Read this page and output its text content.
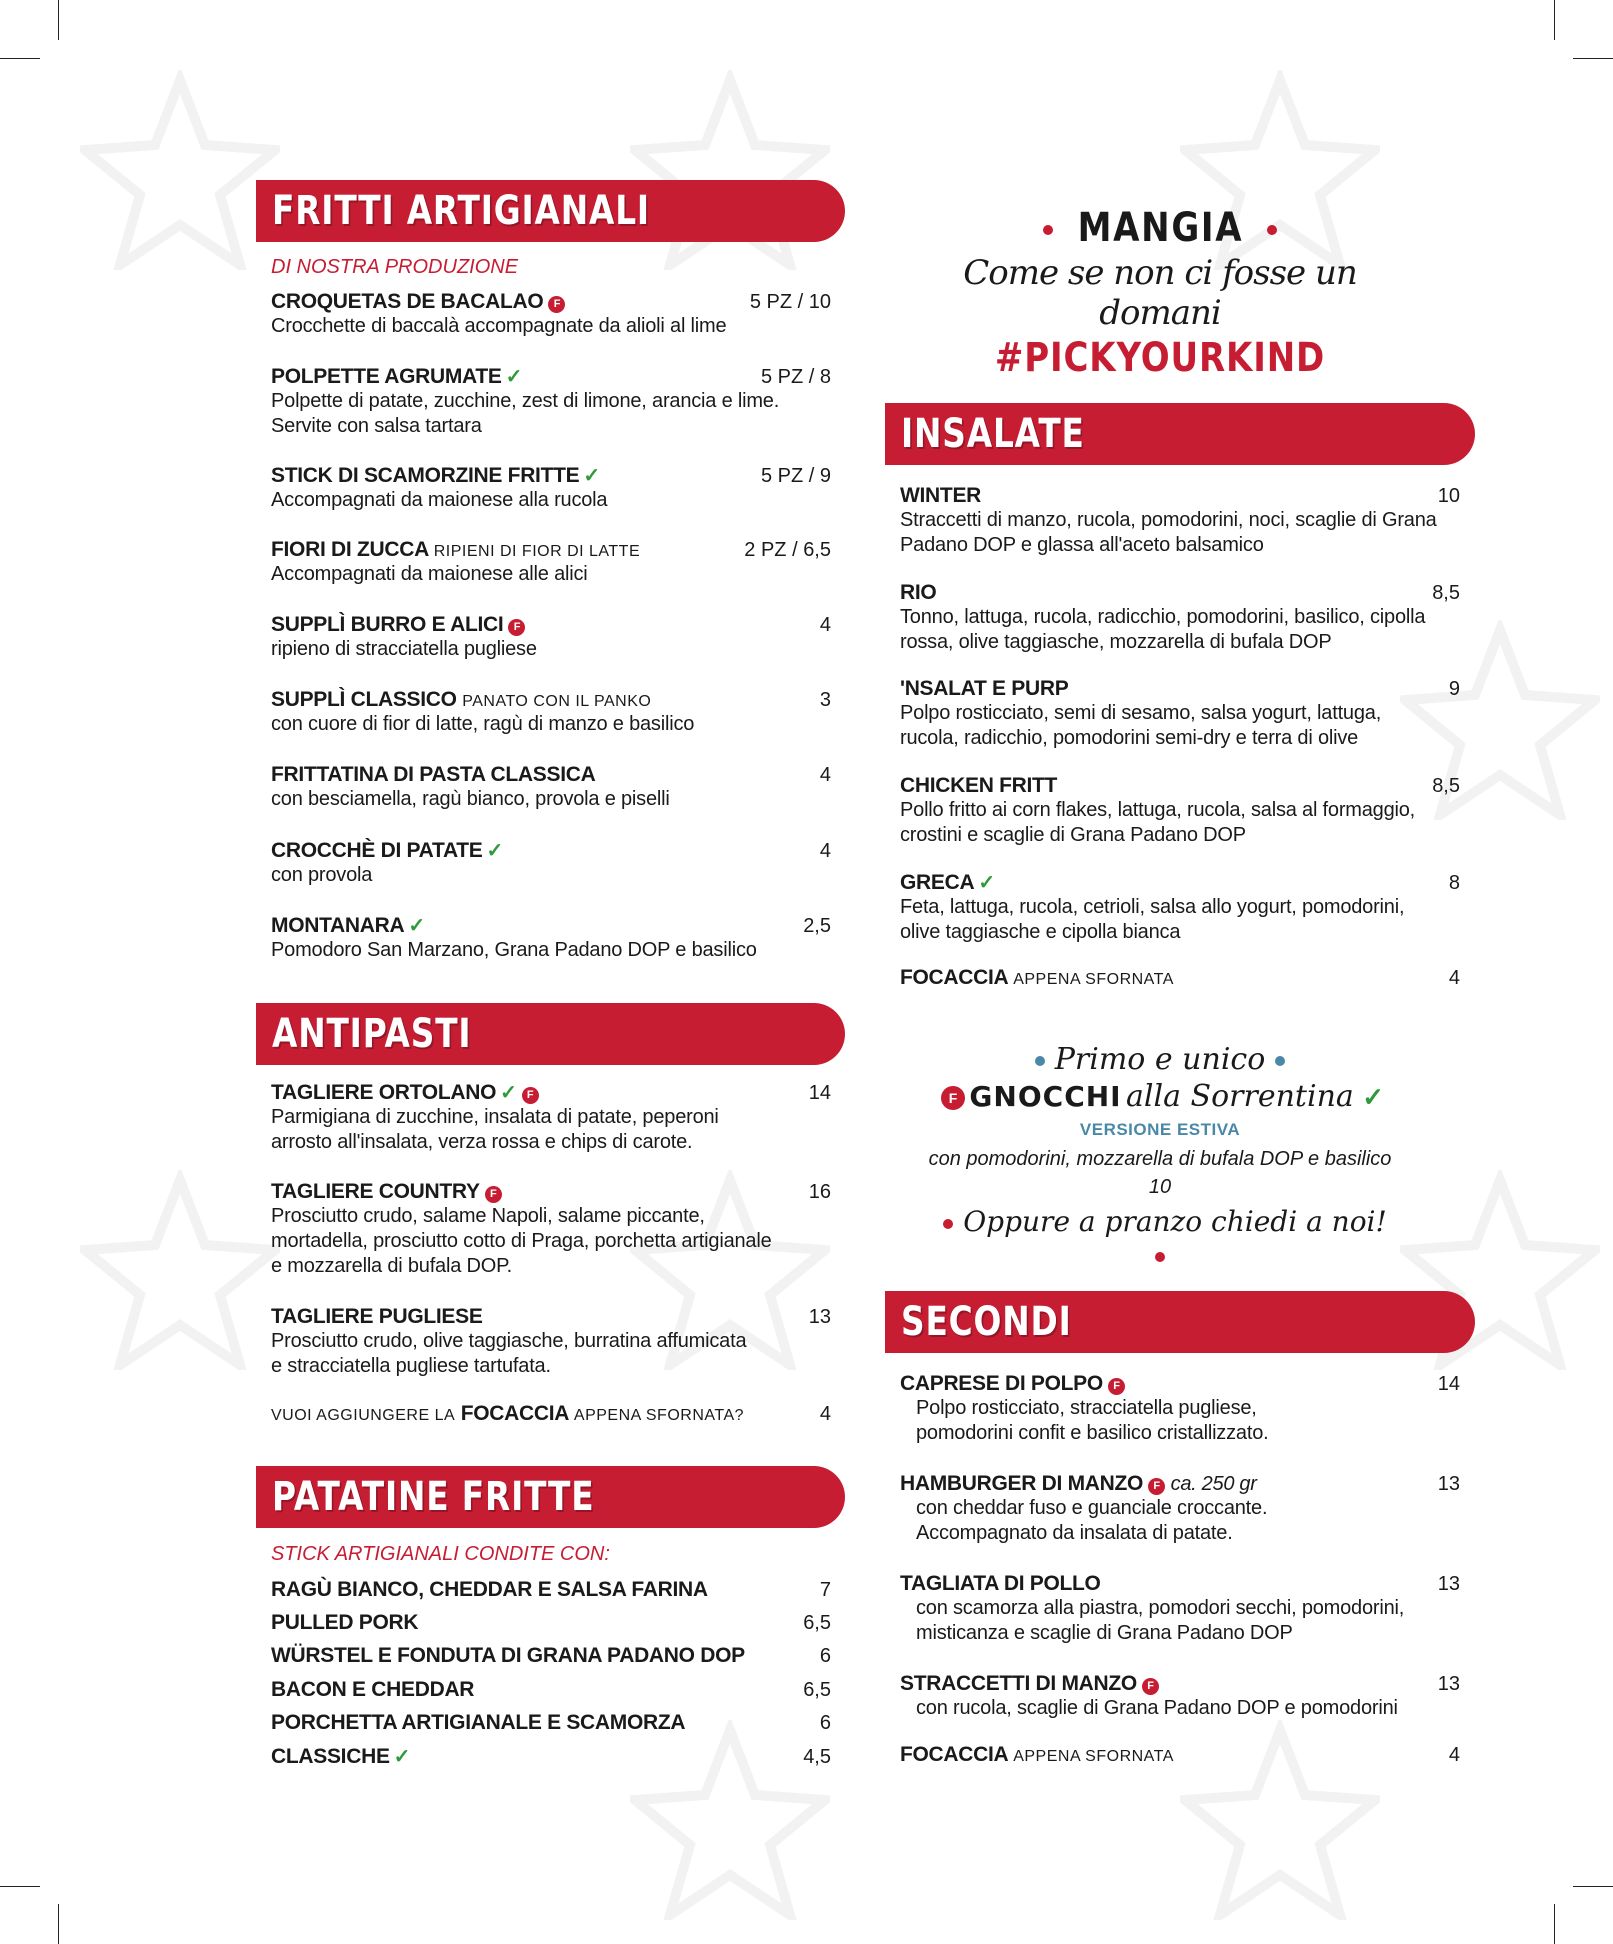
FRITTI ARTIGIANALI
DI NOSTRA PRODUZIONE
CROQUETAS DE BACALAO F	5 PZ / 10
Crocchette di baccalà accompagnate da alioli al lime
POLPETTE AGRUMATE ✓	5 PZ / 8
Polpette di patate, zucchine, zest di limone, arancia e lime.
Servite con salsa tartara
STICK DI SCAMORZINE FRITTE ✓	5 PZ / 9
Accompagnati da maionese alla rucola
FIORI DI ZUCCA RIPIENI DI FIOR DI LATTE	2 PZ / 6,5
Accompagnati da maionese alle alici
SUPPLÌ BURRO E ALICI F	4
ripieno di stracciatella pugliese
SUPPLÌ CLASSICO PANATO CON IL PANKO	3
con cuore di fior di latte, ragù di manzo e basilico
FRITTATINA DI PASTA CLASSICA	4
con besciamella, ragù bianco, provola e piselli
CROCCHÈ DI PATATE ✓	4
con provola
MONTANARA ✓	2,5
Pomodoro San Marzano, Grana Padano DOP e basilico
ANTIPASTI
TAGLIERE ORTOLANO ✓ F	14
Parmigiana di zucchine, insalata di patate, peperoni
arrosto all'insalata, verza rossa e chips di carote.
TAGLIERE COUNTRY F	16
Prosciutto crudo, salame Napoli, salame piccante,
mortadella, prosciutto cotto di Praga, porchetta artigianale
e mozzarella di bufala DOP.
TAGLIERE PUGLIESE	13
Prosciutto crudo, olive taggiasche, burratina affumicata
e stracciatella pugliese tartufata.
VUOI AGGIUNGERE LA FOCACCIA APPENA SFORNATA?	4
PATATINE FRITTE
STICK ARTIGIANALI CONDITE CON:
RAGÙ BIANCO, CHEDDAR E SALSA FARINA	7
PULLED PORK	6,5
WÜRSTEL E FONDUTA DI GRANA PADANO DOP	6
BACON E CHEDDAR	6,5
PORCHETTA ARTIGIANALE E SCAMORZA	6
CLASSICHE ✓	4,5
MANGIA
Come se non ci fosse un domani
#PICKYOURKIND
INSALATE
WINTER	10
Straccetti di manzo, rucola, pomodorini, noci, scaglie di Grana
Padano DOP e glassa all'aceto balsamico
RIO	8,5
Tonno, lattuga, rucola, radicchio, pomodorini, basilico, cipolla
rossa, olive taggiasche, mozzarella di bufala DOP
'NSALAT E PURP	9
Polpo rosticciato, semi di sesamo, salsa yogurt, lattuga,
rucola, radicchio, pomodorini semi-dry e terra di olive
CHICKEN FRITT	8,5
Pollo fritto ai corn flakes, lattuga, rucola, salsa al formaggio,
crostini e scaglie di Grana Padano DOP
GRECA ✓	8
Feta, lattuga, rucola, cetrioli, salsa allo yogurt, pomodorini,
olive taggiasche e cipolla bianca
FOCACCIA APPENA SFORNATA	4
Primo e unico
F GNOCCHI alla Sorrentina ✓
VERSIONE ESTIVA
con pomodorini, mozzarella di bufala DOP e basilico
10
Oppure a pranzo chiedi a noi!
SECONDI
CAPRESE DI POLPO F	14
Polpo rosticciato, stracciatella pugliese,
pomodorini confit e basilico cristallizzato.
HAMBURGER DI MANZO F ca. 250 gr	13
con cheddar fuso e guanciale croccante.
Accompagnato da insalata di patate.
TAGLIATA DI POLLO	13
con scamorza alla piastra, pomodori secchi, pomodorini,
misticanza e scaglie di Grana Padano DOP
STRACCETTI DI MANZO F	13
con rucola, scaglie di Grana Padano DOP e pomodorini
FOCACCIA APPENA SFORNATA	4
